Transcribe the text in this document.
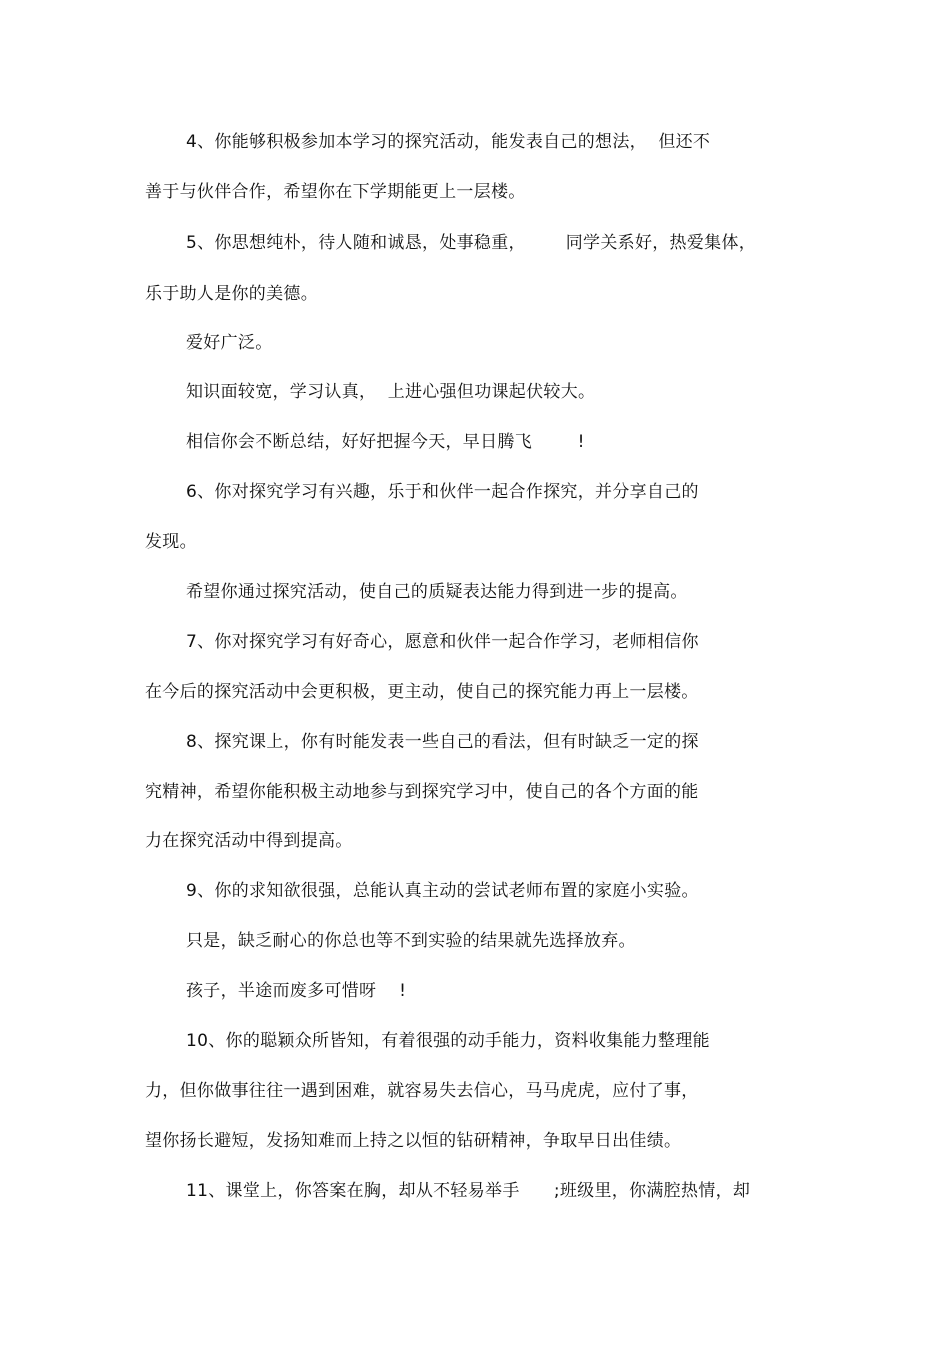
4、你能够积极参加本学习的探究活动，能发表自己的想法，  但还不
善于与伙伴合作，希望你在下学期能更上一层楼。
5、你思想纯朴，待人随和诚恳，处事稳重，       同学关系好，热爱集体，
乐于助人是你的美德。
爱好广泛。
知识面较宽，学习认真，  上进心强但功课起伏较大。
相信你会不断总结，好好把握今天，早日腾飞        !
6、你对探究学习有兴趣，乐于和伙伴一起合作探究，并分享自己的
发现。
希望你通过探究活动，使自己的质疑表达能力得到进一步的提高。
7、你对探究学习有好奇心，愿意和伙伴一起合作学习，老师相信你
在今后的探究活动中会更积极，更主动，使自己的探究能力再上一层楼。
8、探究课上，你有时能发表一些自己的看法，但有时缺乏一定的探
究精神，希望你能积极主动地参与到探究学习中，使自己的各个方面的能
力在探究活动中得到提高。
9、你的求知欲很强，总能认真主动的尝试老师布置的家庭小实验。
只是，缺乏耐心的你总也等不到实验的结果就先选择放弃。
孩子，半途而废多可惜呀    !
10、你的聪颖众所皆知，有着很强的动手能力，资料收集能力整理能
力，但你做事往往一遇到困难，就容易失去信心，马马虎虎，应付了事，
望你扬长避短，发扬知难而上持之以恒的钻研精神，争取早日出佳绩。
11、课堂上，你答案在胸，却从不轻易举手      ;班级里，你满腔热情，却
